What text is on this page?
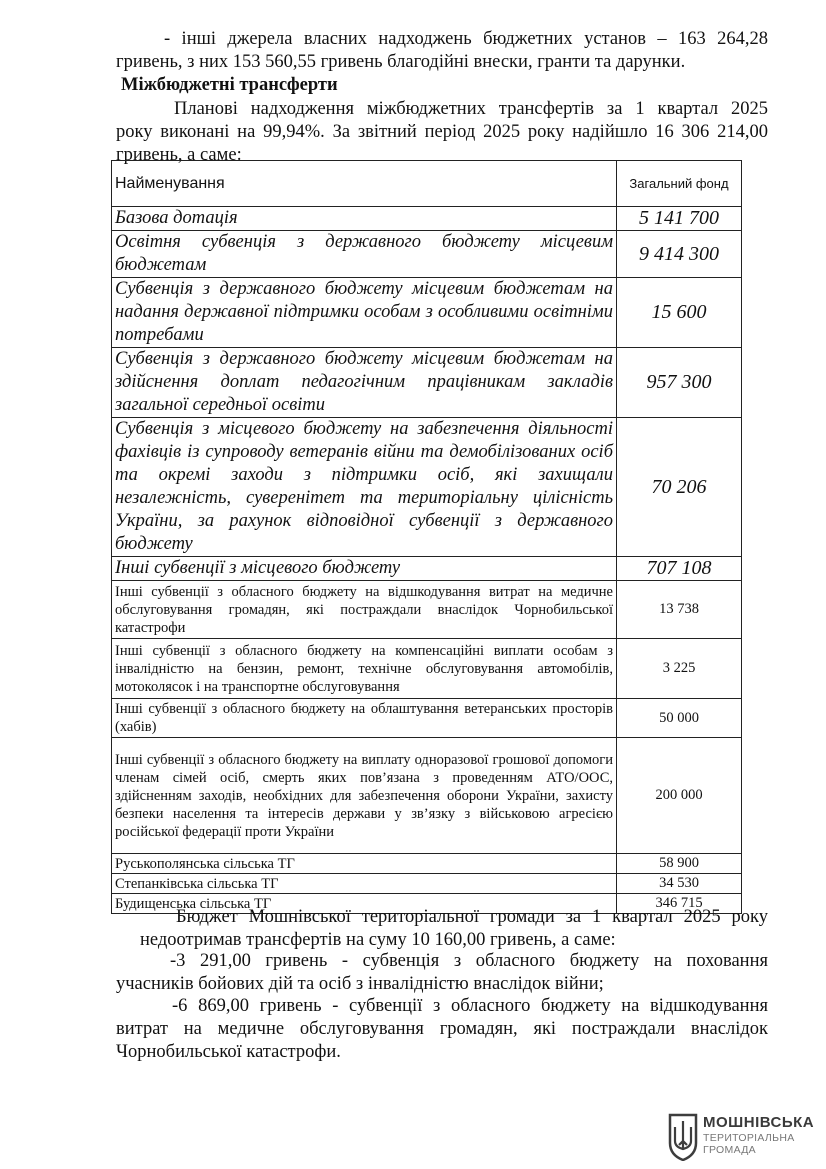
- інші джерела власних надходжень бюджетних установ – 163 264,28

гривень, з них 153 560,55 гривень благодійні внески, гранти та дарунки.

Міжбюджетні трансферти

Планові надходження міжбюджетних трансфертів за 1 квартал 2025

року виконані на 99,94%. За звітний період 2025 року надійшло 16 306 214,00

гривень, а саме:

Найменування	Загальний фонд
Базова дотація	5 141 700
Освітня субвенція з державного бюджету місцевим бюджетам	9 414 300
Субвенція з державного бюджету місцевим бюджетам на надання державної підтримки особам з особливими освітніми потребами	15 600
Субвенція з державного бюджету місцевим бюджетам на здійснення доплат педагогічним працівникам закладів загальної середньої освіти	957 300
Субвенція з місцевого бюджету на забезпечення діяльності фахівців із супроводу ветеранів війни та демобілізованих осіб та окремі заходи з підтримки осіб, які захищали незалежність, суверенітет та територіальну цілісність України, за рахунок відповідної субвенції з державного бюджету	70 206
Інші субвенції з місцевого бюджету	707 108
Інші субвенції з обласного бюджету на відшкодування витрат на медичне обслуговування громадян, які постраждали внаслідок Чорнобильської катастрофи	13 738
Інші субвенції з обласного бюджету на компенсаційні виплати особам з інвалідністю на бензин, ремонт, технічне обслуговування автомобілів, мотоколясок і на транспортне обслуговування	3 225
Інші субвенції з обласного бюджету на облаштування ветеранських просторів (хабів)	50 000
Інші субвенції з обласного бюджету на виплату одноразової грошової допомоги членам сімей осіб, смерть яких пов’язана з проведенням АТО/ООС, здійсненням заходів, необхідних для забезпечення оборони України, захисту безпеки населення та інтересів держави у зв’язку з військовою агресією російської федерації проти України	200 000
Руськополянська сільська ТГ	58 900
Степанківська сільська ТГ	34 530
Будищенська сільська ТГ	346 715

Бюджет Мошнівської територіальної громади за 1 квартал 2025 року

недоотримав трансфертів на суму 10 160,00 гривень, а саме:

-3 291,00 гривень - субвенція з обласного бюджету на поховання

учасників бойових дій та осіб з інвалідністю внаслідок війни;

-6 869,00 гривень - субвенції з обласного бюджету на відшкодування

витрат на медичне обслуговування громадян, які постраждали внаслідок

Чорнобильської катастрофи.

МОШНІВСЬКА
ТЕРИТОРІАЛЬНА
ГРОМАДА
